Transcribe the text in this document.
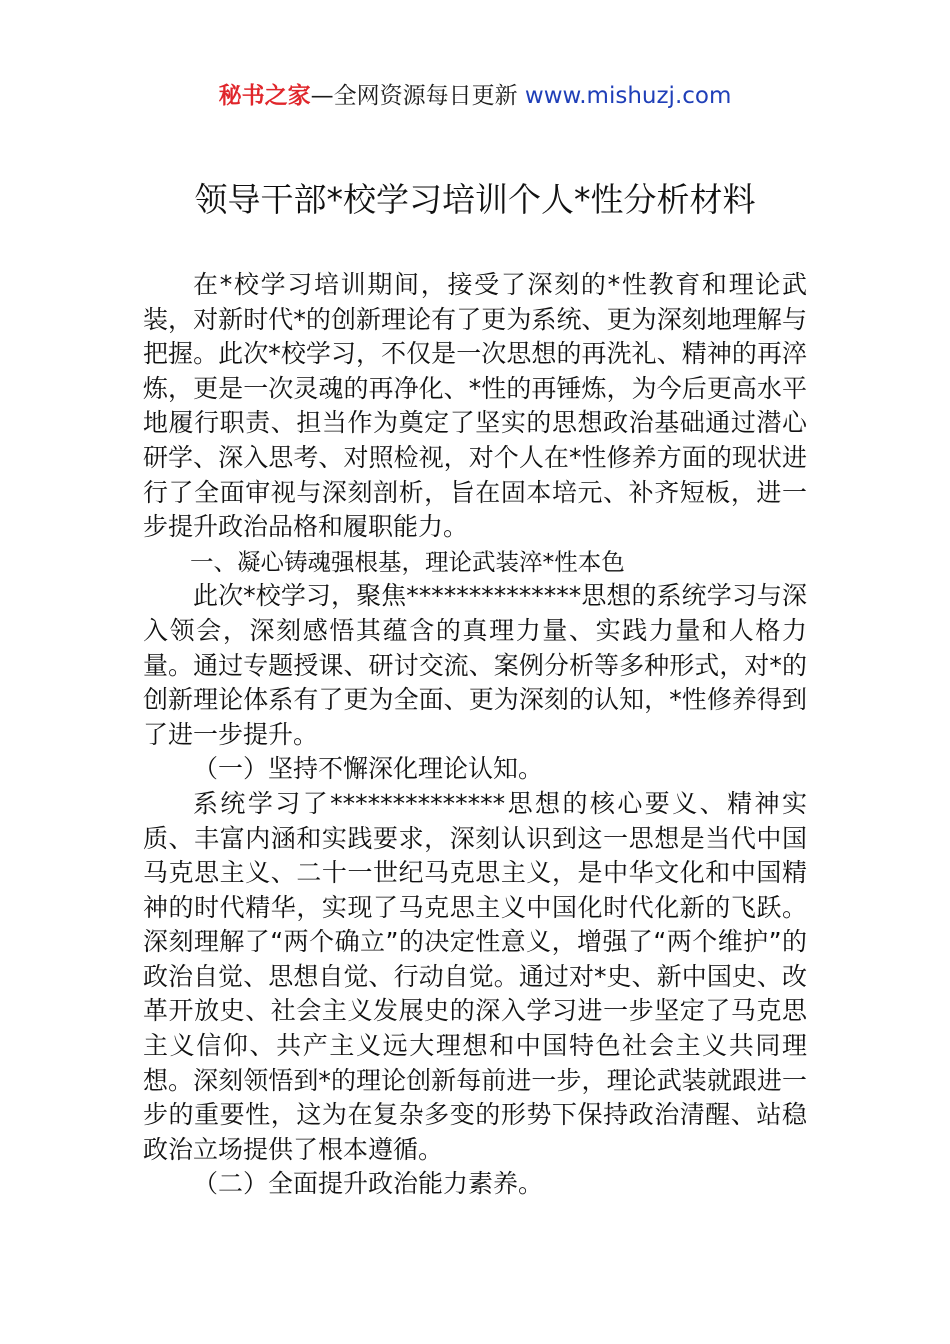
秘书之家—全网资源每日更新 www.mishuzj.com
领导干部*校学习培训个人*性分析材料

在*校学习培训期间，接受了深刻的*性教育和理论武装，对新时代*的创新理论有了更为系统、更为深刻地理解与把握。此次*校学习，不仅是一次思想的再洗礼、精神的再淬炼，更是一次灵魂的再净化、*性的再锤炼，为今后更高水平地履行职责、担当作为奠定了坚实的思想政治基础通过潜心研学、深入思考、对照检视，对个人在*性修养方面的现状进行了全面审视与深刻剖析，旨在固本培元、补齐短板，进一步提升政治品格和履职能力。

一、凝心铸魂强根基，理论武装淬*性本色

此次*校学习，聚焦**************思想的系统学习与深入领会，深刻感悟其蕴含的真理力量、实践力量和人格力量。通过专题授课、研讨交流、案例分析等多种形式，对*的创新理论体系有了更为全面、更为深刻的认知，*性修养得到了进一步提升。

（一）坚持不懈深化理论认知。

系统学习了**************思想的核心要义、精神实质、丰富内涵和实践要求，深刻认识到这一思想是当代中国马克思主义、二十一世纪马克思主义，是中华文化和中国精神的时代精华，实现了马克思主义中国化时代化新的飞跃。深刻理解了“两个确立”的决定性意义，增强了“两个维护”的政治自觉、思想自觉、行动自觉。通过对*史、新中国史、改革开放史、社会主义发展史的深入学习进一步坚定了马克思主义信仰、共产主义远大理想和中国特色社会主义共同理想。深刻领悟到*的理论创新每前进一步，理论武装就跟进一步的重要性，这为在复杂多变的形势下保持政治清醒、站稳政治立场提供了根本遵循。

（二）全面提升政治能力素养。
